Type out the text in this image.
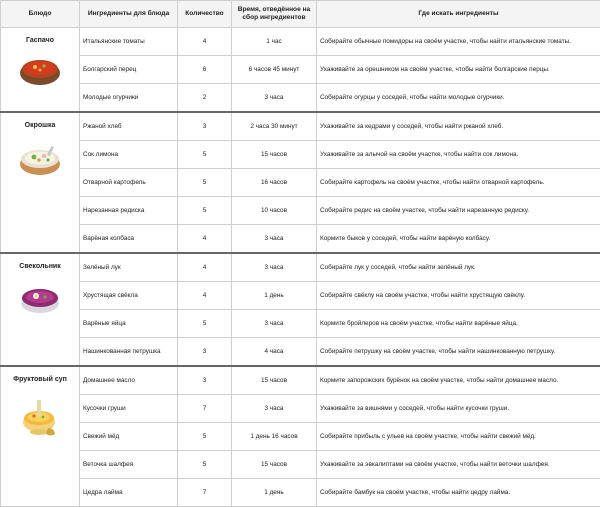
Блюдо	Ингредиенты для блюда	Количество	Время, отведённое на сбор ингредиентов	Где искать ингредиенты

Гаспачо	Итальянские томаты	4	1 час	Собирайте обычные помидоры на своём участке, чтобы найти итальянские томаты.
	Болгарский перец	6	6 часов 45 минут	Ухаживайте за орешником на своём участке, чтобы найти болгарские перцы.
	Молодые огурчики	2	3 часа	Собирайте огурцы у соседей, чтобы найти молодые огурчики.

Окрошка	Ржаной хлеб	3	2 часа 30 минут	Ухаживайте за кедрами у соседей, чтобы найти ржаной хлеб.
	Сок лимона	5	15 часов	Ухаживайте за алычой на своём участке, чтобы найти сок лимона.
	Отварной картофель	5	16 часов	Собирайте картофель на своём участке, чтобы найти отварной картофель.
	Нарезанная редиска	5	10 часов	Собирайте редис на своём участке, чтобы найти нарезанную редиску.
	Варёная колбаса	4	3 часа	Кормите быков у соседей, чтобы найти варёную колбасу.

Свекольник	Зелёный лук	4	3 часа	Собирайте лук у соседей, чтобы найти зелёный лук.
	Хрустящая свёкла	4	1 день	Собирайте свёклу на своём участке, чтобы найти хрустящую свёклу.
	Варёные яйца	5	3 часа	Кормите бройлеров на своём участке, чтобы найти варёные яйца.
	Нашинкованная петрушка	3	4 часа	Собирайте петрушку на своём участке, чтобы найти нашинкованную петрушку.

Фруктовый суп	Домашнее масло	3	15 часов	Кормите запорожских бурёнок на своём участке, чтобы найти домашнее масло.
	Кусочки груши	7	3 часа	Ухаживайте за вишнями у соседей, чтобы найти кусочки груши.
	Свежий мёд	5	1 день 16 часов	Собирайте прибыль с ульев на своём участке, чтобы найти свежий мёд.
	Веточка шалфея	5	15 часов	Ухаживайте за эвкалиптами на своём участке, чтобы найти веточки шалфея.
	Цедра лайма	7	1 день	Собирайте бамбук на своём участке, чтобы найти цедру лайма.
